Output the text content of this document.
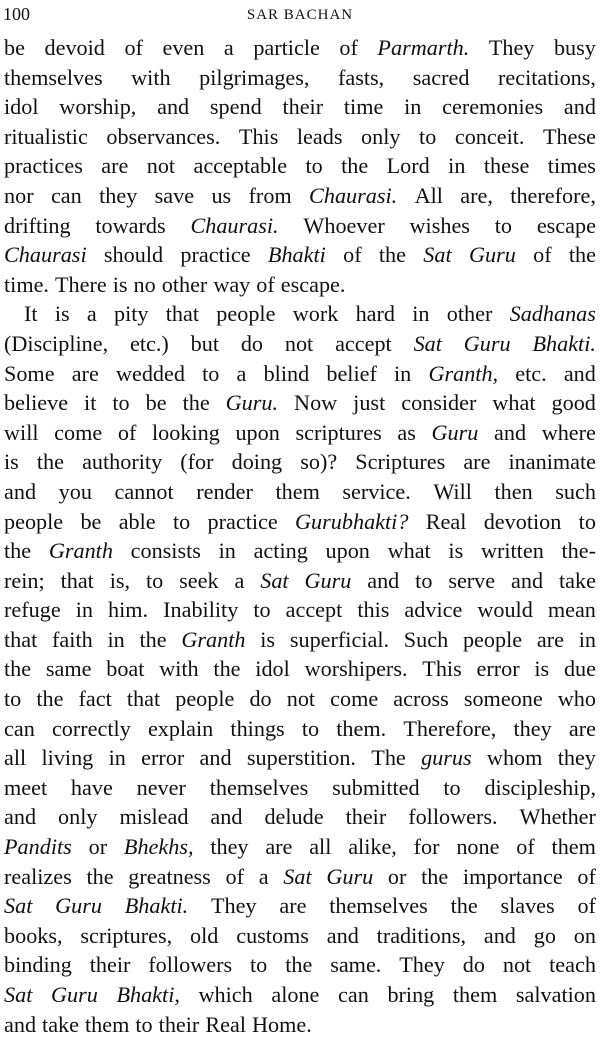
100	SAR BACHAN
be devoid of even a particle of Parmarth. They busy
themselves with pilgrimages, fasts, sacred recitations,
idol worship, and spend their time in ceremonies and
ritualistic observances. This leads only to conceit. These
practices are not acceptable to the Lord in these times
nor can they save us from Chaurasi. All are, therefore,
drifting towards Chaurasi. Whoever wishes to escape
Chaurasi should practice Bhakti of the Sat Guru of the
time. There is no other way of escape.
It is a pity that people work hard in other Sadhanas
(Discipline, etc.) but do not accept Sat Guru Bhakti.
Some are wedded to a blind belief in Granth, etc. and
believe it to be the Guru. Now just consider what good
will come of looking upon scriptures as Guru and where
is the authority (for doing so)? Scriptures are inanimate
and you cannot render them service. Will then such
people be able to practice Gurubhakti? Real devotion to
the Granth consists in acting upon what is written the-
rein; that is, to seek a Sat Guru and to serve and take
refuge in him. Inability to accept this advice would mean
that faith in the Granth is superficial. Such people are in
the same boat with the idol worshipers. This error is due
to the fact that people do not come across someone who
can correctly explain things to them. Therefore, they are
all living in error and superstition. The gurus whom they
meet have never themselves submitted to discipleship,
and only mislead and delude their followers. Whether
Pandits or Bhekhs, they are all alike, for none of them
realizes the greatness of a Sat Guru or the importance of
Sat Guru Bhakti. They are themselves the slaves of
books, scriptures, old customs and traditions, and go on
binding their followers to the same. They do not teach
Sat Guru Bhakti, which alone can bring them salvation
and take them to their Real Home.
